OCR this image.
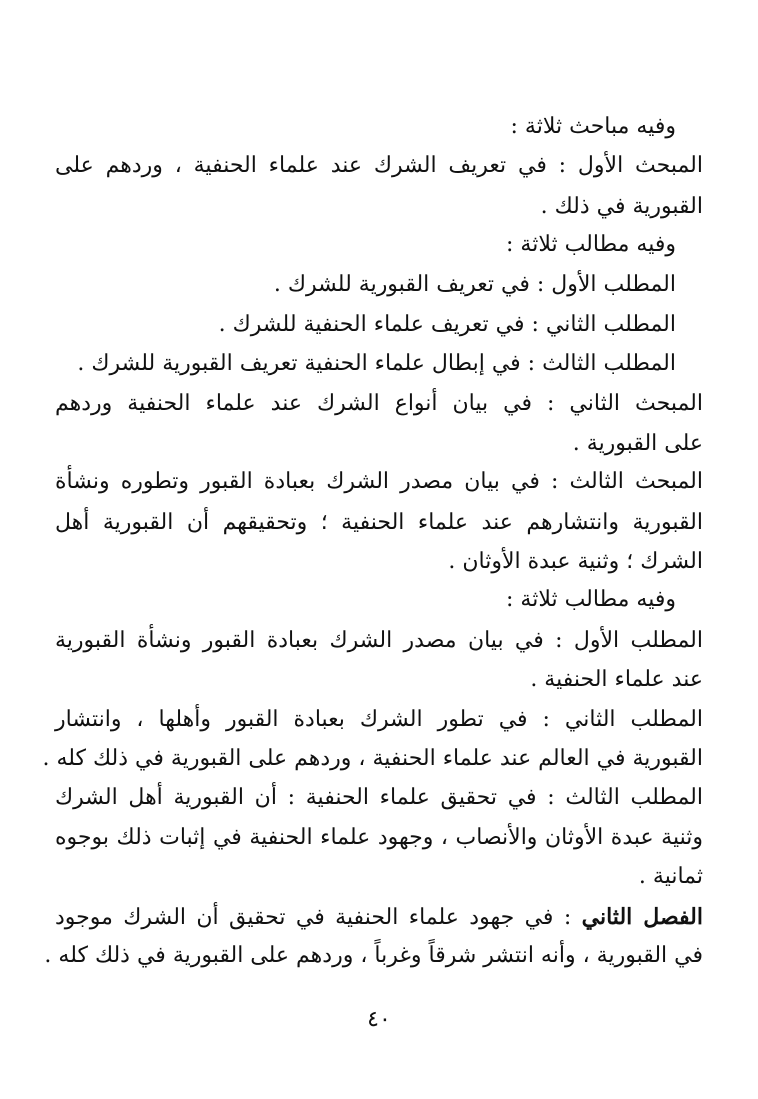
وفيه مباحث ثلاثة :
المبحث الأول : في تعريف الشرك عند علماء الحنفية ، وردهم على
القبورية في ذلك .
وفيه مطالب ثلاثة :
المطلب الأول : في تعريف القبورية للشرك .
المطلب الثاني : في تعريف علماء الحنفية للشرك .
المطلب الثالث : في إبطال علماء الحنفية تعريف القبورية للشرك .
المبحث الثاني : في بيان أنواع الشرك عند علماء الحنفية وردهم
على القبورية .
المبحث الثالث : في بيان مصدر الشرك بعبادة القبور وتطوره ونشأة
القبورية وانتشارهم عند علماء الحنفية ؛ وتحقيقهم أن القبورية أهل
الشرك ؛ وثنية عبدة الأوثان .
وفيه مطالب ثلاثة :
المطلب الأول : في بيان مصدر الشرك بعبادة القبور ونشأة القبورية
عند علماء الحنفية .
المطلب الثاني : في تطور الشرك بعبادة القبور وأهلها ، وانتشار
القبورية في العالم عند علماء الحنفية ، وردهم على القبورية في ذلك كله .
المطلب الثالث : في تحقيق علماء الحنفية : أن القبورية أهل الشرك
وثنية عبدة الأوثان والأنصاب ، وجهود علماء الحنفية في إثبات ذلك بوجوه
ثمانية .
الفصل الثاني : في جهود علماء الحنفية في تحقيق أن الشرك موجود
في القبورية ، وأنه انتشر شرقاً وغرباً ، وردهم على القبورية في ذلك كله .
٤٠
